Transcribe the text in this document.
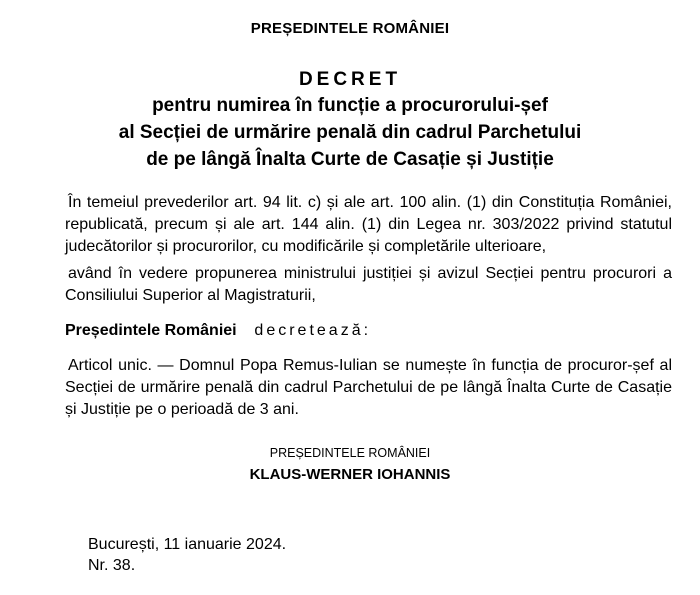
PREȘEDINTELE ROMÂNIEI
DECRET
pentru numirea în funcție a procurorului-șef
al Secției de urmărire penală din cadrul Parchetului
de pe lângă Înalta Curte de Casație și Justiție
În temeiul prevederilor art. 94 lit. c) și ale art. 100 alin. (1) din Constituția României, republicată, precum și ale art. 144 alin. (1) din Legea nr. 303/2022 privind statutul judecătorilor și procurorilor, cu modificările și completările ulterioare,
având în vedere propunerea ministrului justiției și avizul Secției pentru procurori a Consiliului Superior al Magistraturii,
Președintele României decretează:
Articol unic. — Domnul Popa Remus-Iulian se numește în funcția de procuror-șef al Secției de urmărire penală din cadrul Parchetului de pe lângă Înalta Curte de Casație și Justiție pe o perioadă de 3 ani.
PREȘEDINTELE ROMÂNIEI
KLAUS-WERNER IOHANNIS
București, 11 ianuarie 2024.
Nr. 38.
